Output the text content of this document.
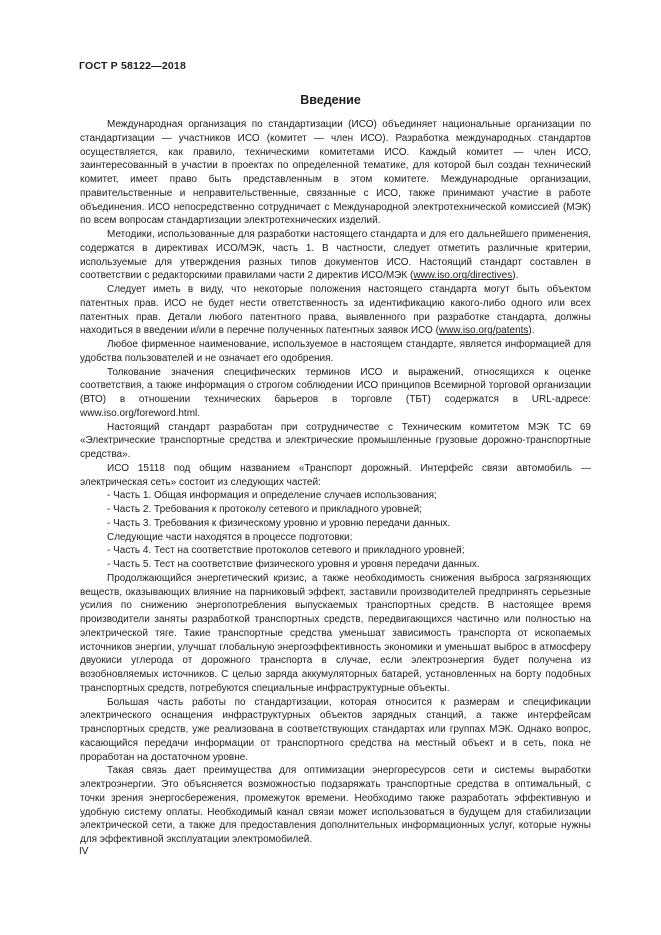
ГОСТ Р 58122—2018
Введение

Международная организация по стандартизации (ИСО) объединяет национальные организации по стандартизации — участников ИСО (комитет — член ИСО). Разработка международных стандартов осуществляется, как правило, техническими комитетами ИСО. Каждый комитет — член ИСО, заинтересованный в участии в проектах по определенной тематике, для которой был создан технический комитет, имеет право быть представленным в этом комитете. Международные организации, правительственные и неправительственные, связанные с ИСО, также принимают участие в работе объединения. ИСО непосредственно сотрудничает с Международной электротехнической комиссией (МЭК) по всем вопросам стандартизации электротехнических изделий.

Методики, использованные для разработки настоящего стандарта и для его дальнейшего применения, содержатся в директивах ИСО/МЭК, часть 1. В частности, следует отметить различные критерии, используемые для утверждения разных типов документов ИСО. Настоящий стандарт составлен в соответствии с редакторскими правилами части 2 директив ИСО/МЭК (www.iso.org/directives).

Следует иметь в виду, что некоторые положения настоящего стандарта могут быть объектом патентных прав. ИСО не будет нести ответственность за идентификацию какого-либо одного или всех патентных прав. Детали любого патентного права, выявленного при разработке стандарта, должны находиться в введении и/или в перечне полученных патентных заявок ИСО (www.iso.org/patents).

Любое фирменное наименование, используемое в настоящем стандарте, является информацией для удобства пользователей и не означает его одобрения.

Толкование значения специфических терминов ИСО и выражений, относящихся к оценке соответствия, а также информация о строгом соблюдении ИСО принципов Всемирной торговой организации (ВТО) в отношении технических барьеров в торговле (ТБТ) содержатся в URL-адресе: www.iso.org/foreword.html.

Настоящий стандарт разработан при сотрудничестве с Техническим комитетом МЭК ТС 69 «Электрические транспортные средства и электрические промышленные грузовые дорожно-транспортные средства».

ИСО 15118 под общим названием «Транспорт дорожный. Интерфейс связи автомобиль — электрическая сеть» состоит из следующих частей:

- Часть 1. Общая информация и определение случаев использования;

- Часть 2. Требования к протоколу сетевого и прикладного уровней;

- Часть 3. Требования к физическому уровню и уровню передачи данных.

Следующие части находятся в процессе подготовки:

- Часть 4. Тест на соответствие протоколов сетевого и прикладного уровней;

- Часть 5. Тест на соответствие физического уровня и уровня передачи данных.

Продолжающийся энергетический кризис, а также необходимость снижения выброса загрязняющих веществ, оказывающих влияние на парниковый эффект, заставили производителей предпринять серьезные усилия по снижению энергопотребления выпускаемых транспортных средств. В настоящее время производители заняты разработкой транспортных средств, передвигающихся частично или полностью на электрической тяге. Такие транспортные средства уменьшат зависимость транспорта от ископаемых источников энергии, улучшат глобальную энергоэффективность экономики и уменьшат выброс в атмосферу двуокиси углерода от дорожного транспорта в случае, если электроэнергия будет получена из возобновляемых источников. С целью заряда аккумуляторных батарей, установленных на борту подобных транспортных средств, потребуются специальные инфраструктурные объекты.

Большая часть работы по стандартизации, которая относится к размерам и спецификации электрического оснащения инфраструктурных объектов зарядных станций, а также интерфейсам транспортных средств, уже реализована в соответствующих стандартах или группах МЭК. Однако вопрос, касающийся передачи информации от транспортного средства на местный объект и в сеть, пока не проработан на достаточном уровне.

Такая связь дает преимущества для оптимизации энергоресурсов сети и системы выработки электроэнергии. Это объясняется возможностью подзаряжать транспортные средства в оптимальный, с точки зрения энергосбережения, промежуток времени. Необходимо также разработать эффективную и удобную систему оплаты. Необходимый канал связи может использоваться в будущем для стабилизации электрической сети, а также для предоставления дополнительных информационных услуг, которые нужны для эффективной эксплуатации электромобилей.

IV
